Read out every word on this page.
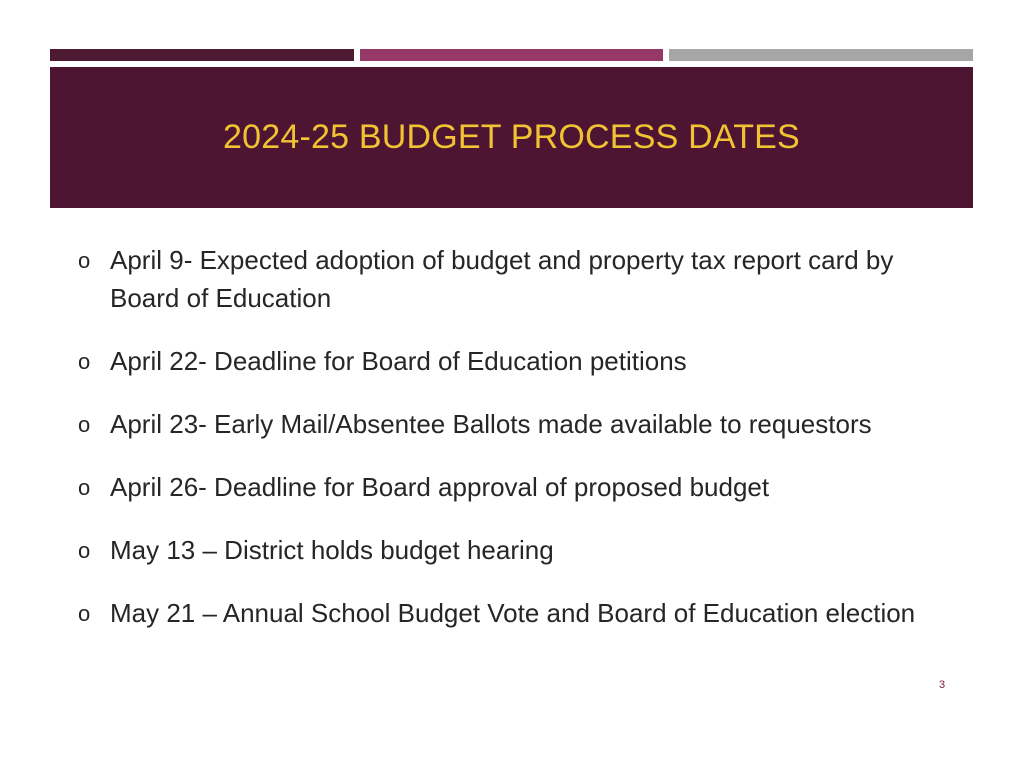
2024-25 BUDGET PROCESS DATES
o April 9- Expected adoption of budget and property tax report card by Board of Education
o April 22- Deadline for Board of Education petitions
o April 23- Early Mail/Absentee Ballots made available to requestors
o April 26- Deadline for Board approval of proposed budget
o May 13 – District holds budget hearing
o May 21 – Annual School Budget Vote and Board of Education election
3
